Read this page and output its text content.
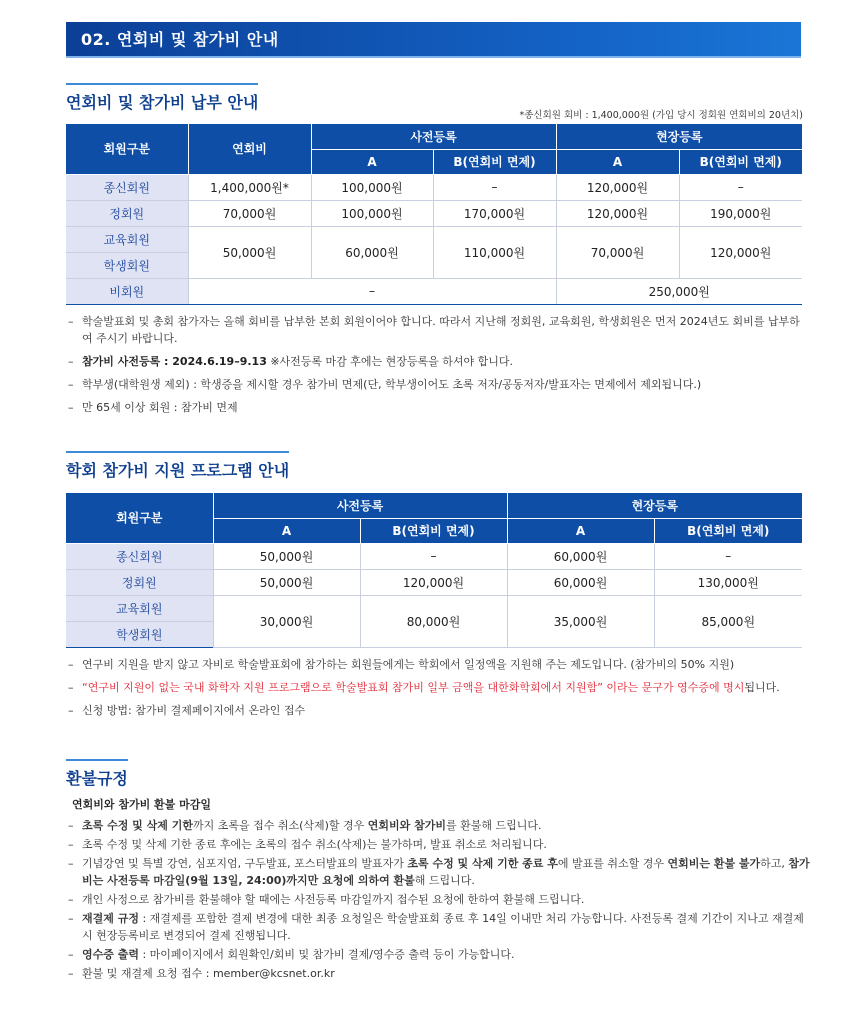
02. 연회비 및 참가비 안내
연회비 및 참가비 납부 안내
*종신회원 회비 : 1,400,000원 (가입 당시 정회원 연회비의 20년치)
회원구분	연회비	사전등록		현장등록	
		A	B(연회비 면제)	A	B(연회비 면제)
종신회원	1,400,000원*	100,000원	–	120,000원	–
정회원	70,000원	100,000원	170,000원	120,000원	190,000원
교육회원	50,000원	60,000원	110,000원	70,000원	120,000원
학생회원					
비회원	–			250,000원	
– 학술발표회 및 총회 참가자는 올해 회비를 납부한 본회 회원이어야 합니다. 따라서 지난해 정회원, 교육회원, 학생회원은 먼저 2024년도 회비를 납부하여 주시기 바랍니다.
– 참가비 사전등록 : 2024.6.19–9.13 ※사전등록 마감 후에는 현장등록을 하셔야 합니다.
– 학부생(대학원생 제외) : 학생증을 제시할 경우 참가비 면제(단, 학부생이어도 초록 저자/공동저자/발표자는 면제에서 제외됩니다.)
– 만 65세 이상 회원 : 참가비 면제
학회 참가비 지원 프로그램 안내
회원구분	사전등록		현장등록	
	A	B(연회비 면제)	A	B(연회비 면제)
종신회원	50,000원	–	60,000원	–
정회원	50,000원	120,000원	60,000원	130,000원
교육회원	30,000원	80,000원	35,000원	85,000원
학생회원				
– 연구비 지원을 받지 않고 자비로 학술발표회에 참가하는 회원들에게는 학회에서 일정액을 지원해 주는 제도입니다. (참가비의 50% 지원)
– “연구비 지원이 없는 국내 화학자 지원 프로그램으로 학술발표회 참가비 일부 금액을 대한화학회에서 지원함” 이라는 문구가 영수증에 명시됩니다.
– 신청 방법: 참가비 결제페이지에서 온라인 접수
환불규정
연회비와 참가비 환불 마감일
– 초록 수정 및 삭제 기한까지 초록을 접수 취소(삭제)할 경우 연회비와 참가비를 환불해 드립니다.
– 초록 수정 및 삭제 기한 종료 후에는 초록의 접수 취소(삭제)는 불가하며, 발표 취소로 처리됩니다.
– 기념강연 및 특별 강연, 심포지엄, 구두발표, 포스터발표의 발표자가 초록 수정 및 삭제 기한 종료 후에 발표를 취소할 경우 연회비는 환불 불가하고, 참가비는 사전등록 마감일(9월 13일, 24:00)까지만 요청에 의하여 환불해 드립니다.
– 개인 사정으로 참가비를 환불해야 할 때에는 사전등록 마감일까지 접수된 요청에 한하여 환불해 드립니다.
– 재결제 규정 : 재결제를 포함한 결제 변경에 대한 최종 요청일은 학술발표회 종료 후 14일 이내만 처리 가능합니다. 사전등록 결제 기간이 지나고 재결제 시 현장등록비로 변경되어 결제 진행됩니다.
– 영수증 출력 : 마이페이지에서 회원확인/회비 및 참가비 결제/영수증 출력 등이 가능합니다.
– 환불 및 재결제 요청 접수 : member@kcsnet.or.kr
